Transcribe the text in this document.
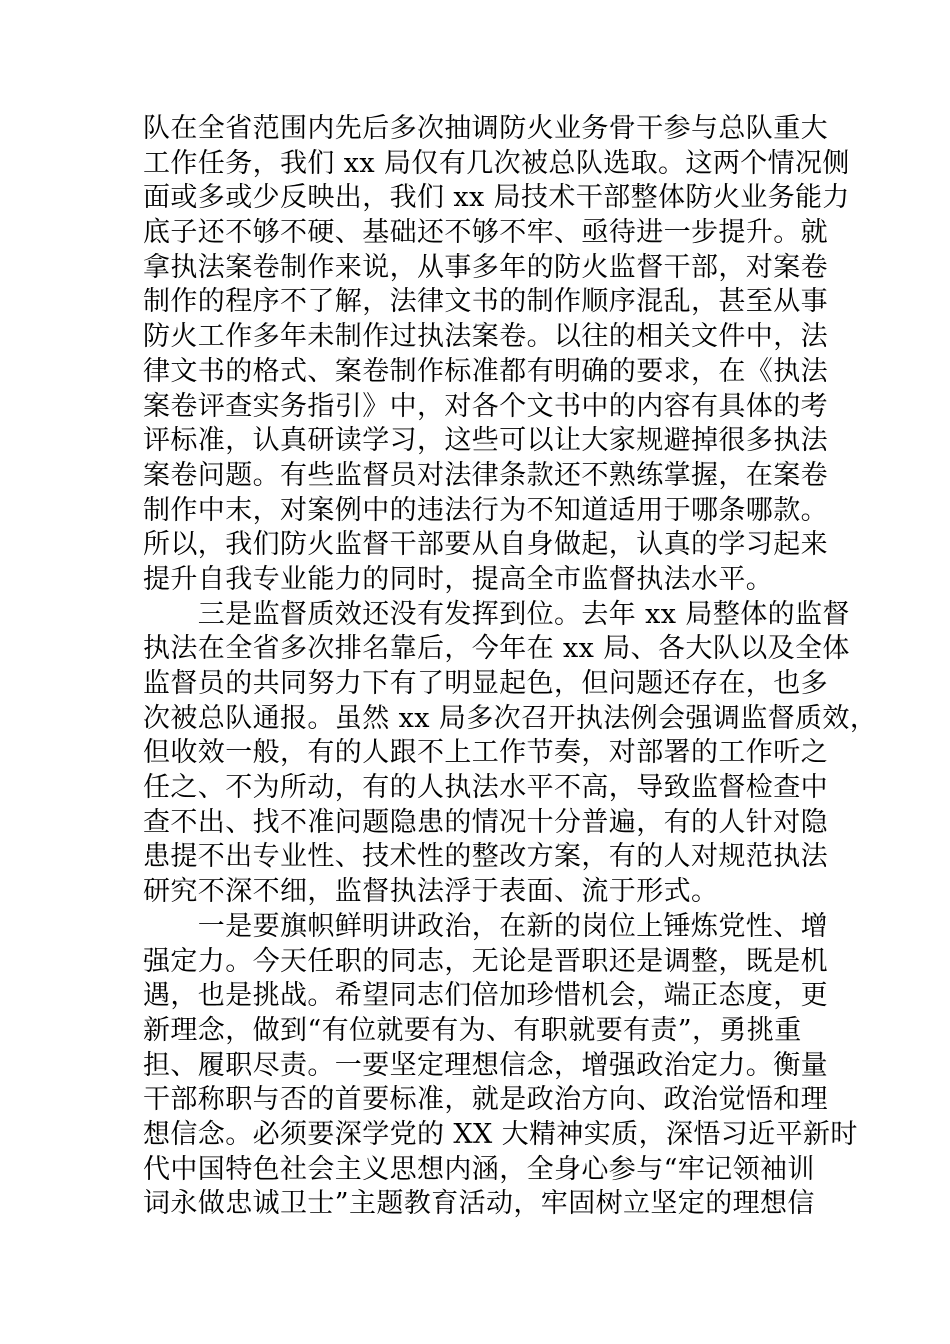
队在全省范围内先后多次抽调防火业务骨干参与总队重大
工作任务，我们 xx 局仅有几次被总队选取。这两个情况侧
面或多或少反映出，我们 xx 局技术干部整体防火业务能力
底子还不够不硬、基础还不够不牢、亟待进一步提升。就
拿执法案卷制作来说，从事多年的防火监督干部，对案卷
制作的程序不了解，法律文书的制作顺序混乱，甚至从事
防火工作多年未制作过执法案卷。以往的相关文件中，法
律文书的格式、案卷制作标准都有明确的要求，在《执法
案卷评查实务指引》中，对各个文书中的内容有具体的考
评标准，认真研读学习，这些可以让大家规避掉很多执法
案卷问题。有些监督员对法律条款还不熟练掌握，在案卷
制作中末，对案例中的违法行为不知道适用于哪条哪款。
所以，我们防火监督干部要从自身做起，认真的学习起来
提升自我专业能力的同时，提高全市监督执法水平。
　　三是监督质效还没有发挥到位。去年 xx 局整体的监督
执法在全省多次排名靠后，今年在 xx 局、各大队以及全体
监督员的共同努力下有了明显起色，但问题还存在，也多
次被总队通报。虽然 xx 局多次召开执法例会强调监督质效，
但收效一般，有的人跟不上工作节奏，对部署的工作听之
任之、不为所动，有的人执法水平不高，导致监督检查中
查不出、找不准问题隐患的情况十分普遍，有的人针对隐
患提不出专业性、技术性的整改方案，有的人对规范执法
研究不深不细，监督执法浮于表面、流于形式。
　　一是要旗帜鲜明讲政治，在新的岗位上锤炼党性、增
强定力。今天任职的同志，无论是晋职还是调整，既是机
遇，也是挑战。希望同志们倍加珍惜机会，端正态度，更
新理念，做到“有位就要有为、有职就要有责”，勇挑重
担、履职尽责。一要坚定理想信念，增强政治定力。衡量
干部称职与否的首要标准，就是政治方向、政治觉悟和理
想信念。必须要深学党的 XX 大精神实质，深悟习近平新时
代中国特色社会主义思想内涵，全身心参与“牢记领袖训
词永做忠诚卫士”主题教育活动，牢固树立坚定的理想信
